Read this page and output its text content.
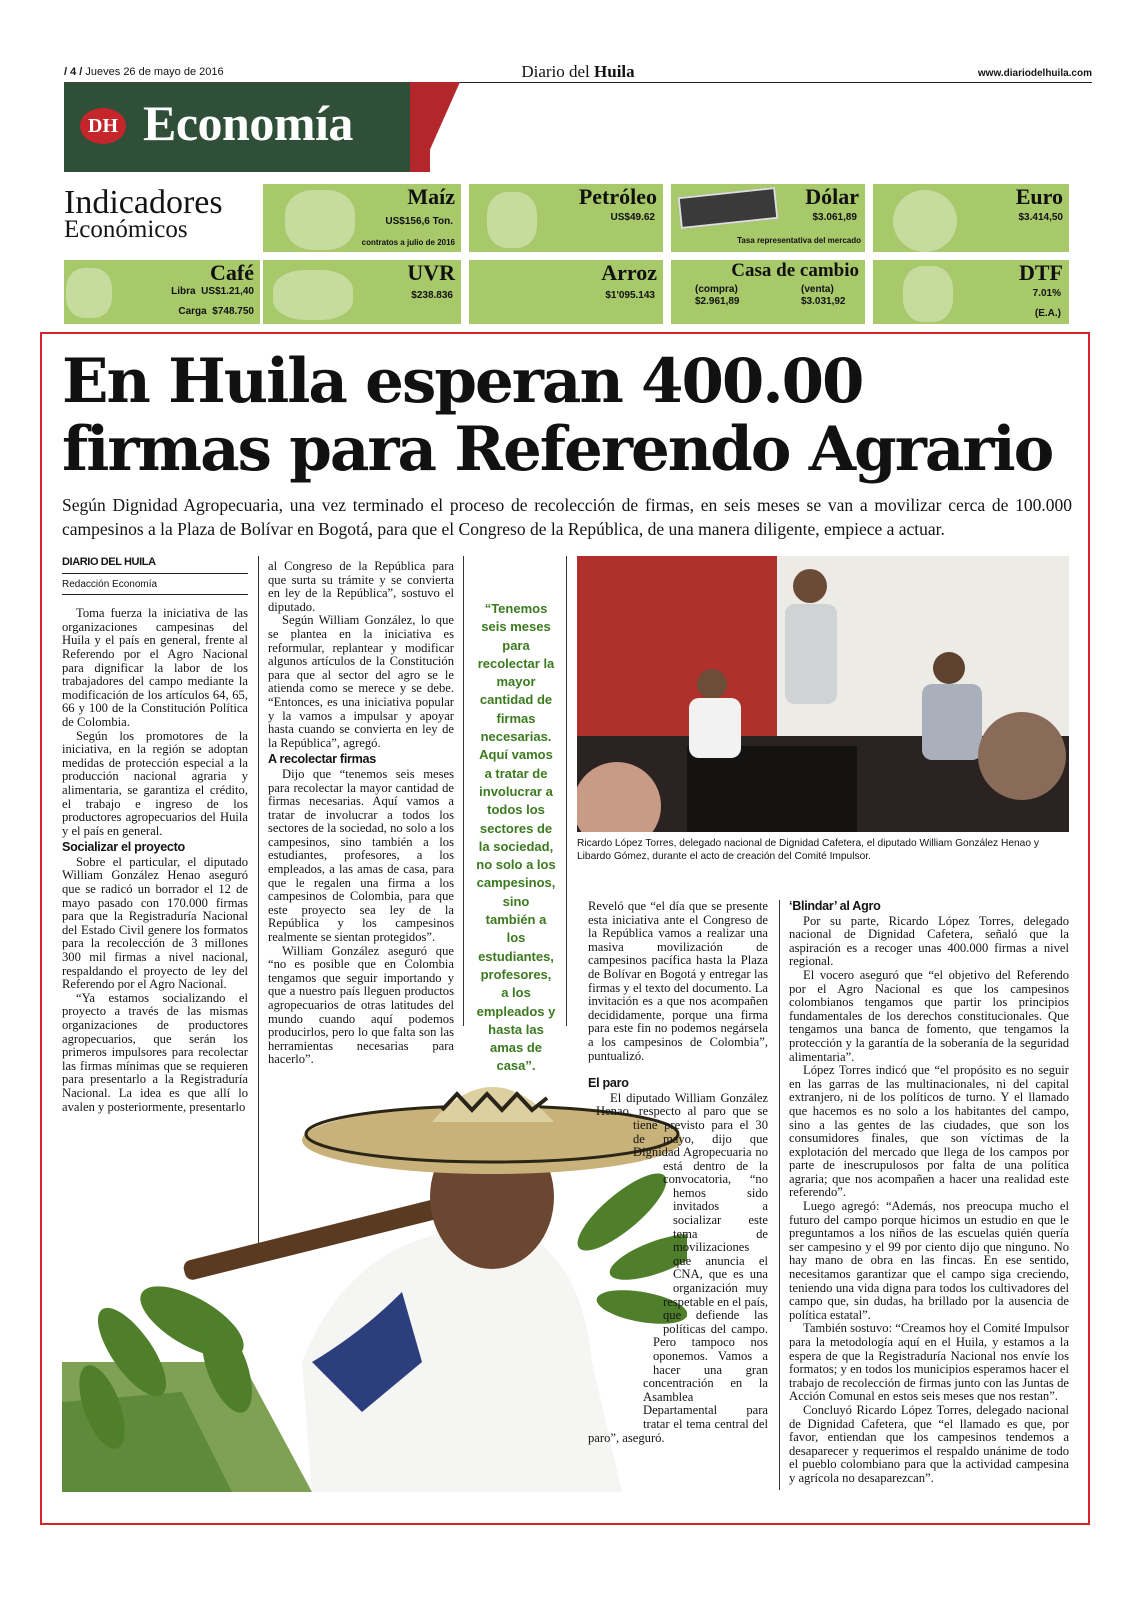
/ 4 / Jueves 26 de mayo de 2016	Diario del Huila	www.diariodelhuila.com
DH Economía
Indicadores
Económicos
Maíz
US$156,6 Ton.
contratos a julio de 2016
Petróleo
US$49.62
Dólar
$3.061,89
Tasa representativa del mercado
Euro
$3.414,50
Café
Libra US$1.21,40
Carga $748.750
UVR
$238.836
Arroz
$1'095.143
Casa de cambio
(compra)
$2.961,89
(venta)
$3.031,92
DTF
7.01%
(E.A.)
En Huila esperan 400.00 firmas para Referendo Agrario
Según Dignidad Agropecuaria, una vez terminado el proceso de recolección de firmas, en seis meses se van a movilizar cerca de 100.000 campesinos a la Plaza de Bolívar en Bogotá, para que el Congreso de la República, de una manera diligente, empiece a actuar.
DIARIO DEL HUILA
Redacción Economía

Toma fuerza la iniciativa de las organizaciones campesinas del Huila y el país en general, frente al Referendo por el Agro Nacional para dignificar la labor de los trabajadores del campo mediante la modificación de los artículos 64, 65, 66 y 100 de la Constitución Política de Colombia.

Según los promotores de la iniciativa, en la región se adoptan medidas de protección especial a la producción nacional agraria y alimentaria, se garantiza el crédito, el trabajo e ingreso de los productores agropecuarios del Huila y el país en general.

Socializar el proyecto

Sobre el particular, el diputado William González Henao aseguró que se radicó un borrador el 12 de mayo pasado con 170.000 firmas para que la Registraduría Nacional del Estado Civil genere los formatos para la recolección de 3 millones 300 mil firmas a nivel nacional, respaldando el proyecto de ley del Referendo por el Agro Nacional.

“Ya estamos socializando el proyecto a través de las mismas organizaciones de productores agropecuarios, que serán los primeros impulsores para recolectar las firmas mínimas que se requieren para presentarlo a la Registraduría Nacional. La idea es que allí lo avalen y posteriormente, presentarlo

al Congreso de la República para que surta su trámite y se convierta en ley de la República”, sostuvo el diputado.

Según William González, lo que se plantea en la iniciativa es reformular, replantear y modificar algunos artículos de la Constitución para que al sector del agro se le atienda como se merece y se debe. “Entonces, es una iniciativa popular y la vamos a impulsar y apoyar hasta cuando se convierta en ley de la República”, agregó.

A recolectar firmas

Dijo que “tenemos seis meses para recolectar la mayor cantidad de firmas necesarias. Aquí vamos a tratar de involucrar a todos los sectores de la sociedad, no solo a los campesinos, sino también a los estudiantes, profesores, a los empleados, a las amas de casa, para que le regalen una firma a los campesinos de Colombia, para que este proyecto sea ley de la República y los campesinos realmente se sientan protegidos”.

William González aseguró que “no es posible que en Colombia tengamos que seguir importando y que a nuestro país lleguen productos agropecuarios de otras latitudes del mundo cuando aquí podemos producirlos, pero lo que falta son las herramientas necesarias para hacerlo”.

“Tenemos seis meses para recolectar la mayor cantidad de firmas necesarias. Aquí vamos a tratar de involucrar a todos los sectores de la sociedad, no solo a los campesinos, sino también a los estudiantes, profesores, a los empleados y hasta las amas de casa”.
Ricardo López Torres, delegado nacional de Dignidad Cafetera, el diputado William González Henao y Libardo Gómez, durante el acto de creación del Comité Impulsor.

Reveló que “el día que se presente esta iniciativa ante el Congreso de la República vamos a realizar una masiva movilización de campesinos pacífica hasta la Plaza de Bolívar en Bogotá y entregar las firmas y el texto del documento. La invitación es a que nos acompañen decididamente, porque una firma para este fin no podemos negársela a los campesinos de Colombia”, puntualizó.

El paro

El diputado William González Henao, respecto al paro que se tiene previsto para el 30 de mayo, dijo que Dignidad Agropecuaria no está dentro de la convocatoria, “no hemos sido invitados a socializar este tema de movilizaciones que anuncia el CNA, que es una organización muy respetable en el país, que defiende las políticas del campo. Pero tampoco nos oponemos. Vamos a hacer una gran concentración en la Asamblea Departamental para tratar el tema central del paro”, aseguró.

‘Blindar’ al Agro

Por su parte, Ricardo López Torres, delegado nacional de Dignidad Cafetera, señaló que la aspiración es a recoger unas 400.000 firmas a nivel regional.

El vocero aseguró que “el objetivo del Referendo por el Agro Nacional es que los campesinos colombianos tengamos que partir los principios fundamentales de los derechos constitucionales. Que tengamos una banca de fomento, que tengamos la protección y la garantía de la soberanía de la seguridad alimentaria”.

López Torres indicó que “el propósito es no seguir en las garras de las multinacionales, ni del capital extranjero, ni de los políticos de turno. Y el llamado que hacemos es no solo a los habitantes del campo, sino a las gentes de las ciudades, que son los consumidores finales, que son víctimas de la explotación del mercado que llega de los campos por parte de inescrupulosos por falta de una política agraria; que nos acompañen a hacer una realidad este referendo”.

Luego agregó: “Además, nos preocupa mucho el futuro del campo porque hicimos un estudio en que le preguntamos a los niños de las escuelas quién quería ser campesino y el 99 por ciento dijo que ninguno. No hay mano de obra en las fincas. En ese sentido, necesitamos garantizar que el campo siga creciendo, teniendo una vida digna para todos los cultivadores del campo que, sin dudas, ha brillado por la ausencia de política estatal”.

También sostuvo: “Creamos hoy el Comité Impulsor para la metodología aquí en el Huila, y estamos a la espera de que la Registraduría Nacional nos envíe los formatos; y en todos los municipios esperamos hacer el trabajo de recolección de firmas junto con las Juntas de Acción Comunal en estos seis meses que nos restan”.

Concluyó Ricardo López Torres, delegado nacional de Dignidad Cafetera, que “el llamado es que, por favor, entiendan que los campesinos tendemos a desaparecer y requerimos el respaldo unánime de todo el pueblo colombiano para que la actividad campesina y agrícola no desaparezcan”.
